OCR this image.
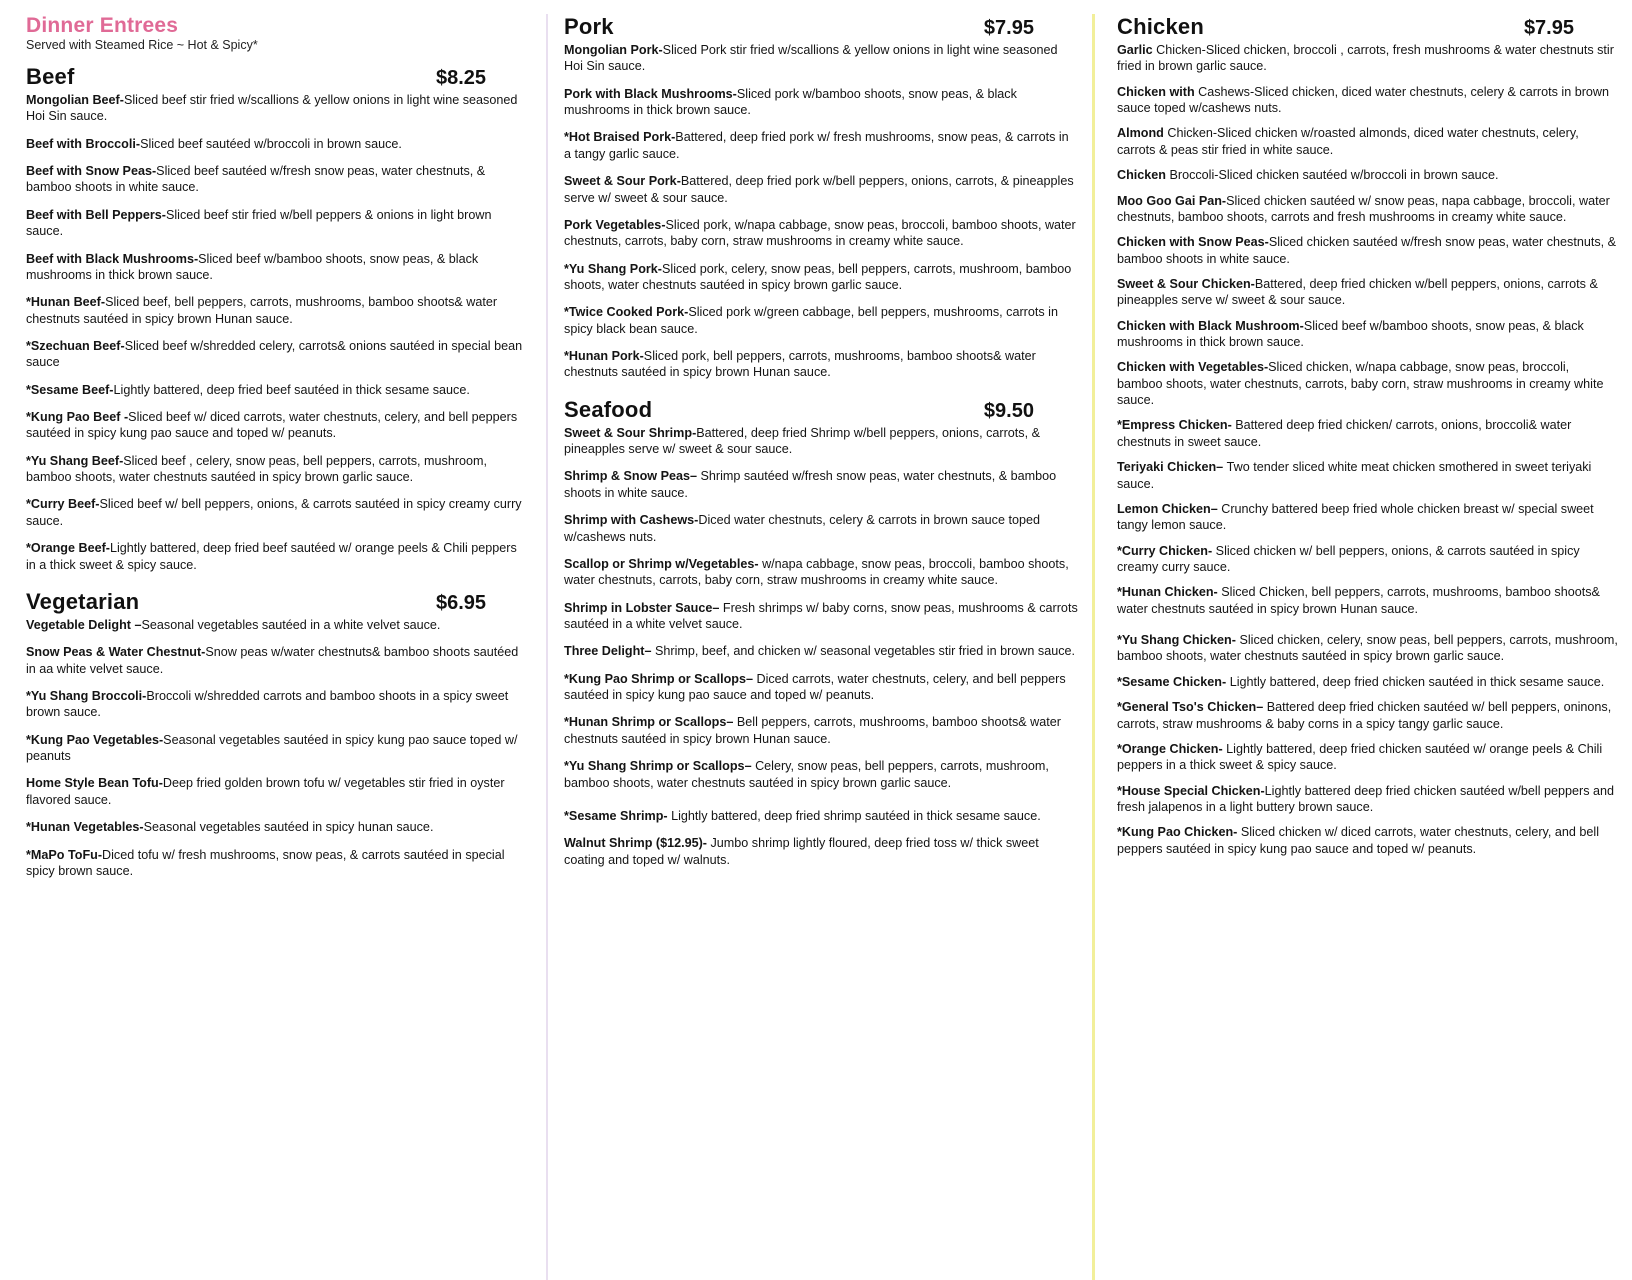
Dinner Entrees
Served with Steamed Rice ~ Hot & Spicy*
Beef	$8.25

Mongolian Beef-Sliced beef stir fried w/scallions & yellow onions in light wine seasoned Hoi Sin sauce.

Beef with Broccoli-Sliced beef sautéed w/broccoli in brown sauce.

Beef with Snow Peas-Sliced beef sautéed w/fresh snow peas, water chestnuts, & bamboo shoots in white sauce.

Beef with Bell Peppers-Sliced beef stir fried w/bell peppers & onions in light brown sauce.

Beef with Black Mushrooms-Sliced beef w/bamboo shoots, snow peas, & black mushrooms in thick brown sauce.

*Hunan Beef-Sliced beef, bell peppers, carrots, mushrooms, bamboo shoots& water chestnuts sautéed in spicy brown Hunan sauce.

*Szechuan Beef-Sliced beef w/shredded celery, carrots& onions sautéed in special bean sauce

*Sesame Beef-Lightly battered, deep fried beef sautéed in thick sesame sauce.

*Kung Pao Beef -Sliced beef w/ diced carrots, water chestnuts, celery, and bell peppers sautéed in spicy kung pao sauce and toped w/ peanuts.

*Yu Shang Beef-Sliced beef , celery, snow peas, bell peppers, carrots, mushroom, bamboo shoots, water chestnuts sautéed in spicy brown garlic sauce.

*Curry Beef-Sliced beef w/ bell peppers, onions, & carrots sautéed in spicy creamy curry sauce.

*Orange Beef-Lightly battered, deep fried beef sautéed w/ orange peels & Chili peppers in a thick sweet & spicy sauce.

Vegetarian	$6.95

Vegetable Delight –Seasonal vegetables sautéed in a white velvet sauce.

Snow Peas & Water Chestnut-Snow peas w/water chestnuts& bamboo shoots sautéed in aa white velvet sauce.

*Yu Shang Broccoli-Broccoli w/shredded carrots and bamboo shoots in a spicy sweet brown sauce.

*Kung Pao Vegetables-Seasonal vegetables sautéed in spicy kung pao sauce toped w/ peanuts

Home Style Bean Tofu-Deep fried golden brown tofu w/ vegetables stir fried in oyster flavored sauce.

*Hunan Vegetables-Seasonal vegetables sautéed in spicy hunan sauce.

*MaPo ToFu-Diced tofu w/ fresh mushrooms, snow peas, & carrots sautéed in special spicy brown sauce.

Pork	$7.95

Mongolian Pork-Sliced Pork stir fried w/scallions & yellow onions in light wine seasoned Hoi Sin sauce.

Pork with Black Mushrooms-Sliced pork w/bamboo shoots, snow peas, & black mushrooms in thick brown sauce.

*Hot Braised Pork-Battered, deep fried pork w/ fresh mushrooms, snow peas, & carrots in a tangy garlic sauce.

Sweet & Sour Pork-Battered, deep fried pork w/bell peppers, onions, carrots, & pineapples serve w/ sweet & sour sauce.

Pork Vegetables-Sliced pork, w/napa cabbage, snow peas, broccoli, bamboo shoots, water chestnuts, carrots, baby corn, straw mushrooms in creamy white sauce.

*Yu Shang Pork-Sliced pork, celery, snow peas, bell peppers, carrots, mushroom, bamboo shoots, water chestnuts sautéed in spicy brown garlic sauce.

*Twice Cooked Pork-Sliced pork w/green cabbage, bell peppers, mushrooms, carrots in spicy black bean sauce.

*Hunan Pork-Sliced pork, bell peppers, carrots, mushrooms, bamboo shoots& water chestnuts sautéed in spicy brown Hunan sauce.

Seafood	$9.50

Sweet & Sour Shrimp-Battered, deep fried Shrimp w/bell peppers, onions, carrots, & pineapples serve w/ sweet & sour sauce.

Shrimp & Snow Peas– Shrimp sautéed w/fresh snow peas, water chestnuts, & bamboo shoots in white sauce.

Shrimp with Cashews-Diced water chestnuts, celery & carrots in brown sauce toped w/cashews nuts.

Scallop or Shrimp w/Vegetables- w/napa cabbage, snow peas, broccoli, bamboo shoots, water chestnuts, carrots, baby corn, straw mushrooms in creamy white sauce.

Shrimp in Lobster Sauce– Fresh shrimps w/ baby corns, snow peas, mushrooms & carrots sautéed in a white velvet sauce.

Three Delight– Shrimp, beef, and chicken w/ seasonal vegetables stir fried in brown sauce.

*Kung Pao Shrimp or Scallops– Diced carrots, water chestnuts, celery, and bell peppers sautéed in spicy kung pao sauce and toped w/ peanuts.

*Hunan Shrimp or Scallops– Bell peppers, carrots, mushrooms, bamboo shoots& water chestnuts sautéed in spicy brown Hunan sauce.

*Yu Shang Shrimp or Scallops– Celery, snow peas, bell peppers, carrots, mushroom, bamboo shoots, water chestnuts sautéed in spicy brown garlic sauce.

*Sesame Shrimp- Lightly battered, deep fried shrimp sautéed in thick sesame sauce.

Walnut Shrimp ($12.95)- Jumbo shrimp lightly floured, deep fried toss w/ thick sweet coating and toped w/ walnuts.

Chicken	$7.95

Garlic Chicken-Sliced chicken, broccoli , carrots, fresh mushrooms & water chestnuts stir fried in brown garlic sauce.

Chicken with Cashews-Sliced chicken, diced water chestnuts, celery & carrots in brown sauce toped w/cashews nuts.

Almond Chicken-Sliced chicken w/roasted almonds, diced water chestnuts, celery, carrots & peas stir fried in white sauce.

Chicken Broccoli-Sliced chicken sautéed w/broccoli in brown sauce.

Moo Goo Gai Pan-Sliced chicken sautéed w/ snow peas, napa cabbage, broccoli, water chestnuts, bamboo shoots, carrots and fresh mushrooms in creamy white sauce.

Chicken with Snow Peas-Sliced chicken sautéed w/fresh snow peas, water chestnuts, & bamboo shoots in white sauce.

Sweet & Sour Chicken-Battered, deep fried chicken w/bell peppers, onions, carrots & pineapples serve w/ sweet & sour sauce.

Chicken with Black Mushroom-Sliced beef w/bamboo shoots, snow peas, & black mushrooms in thick brown sauce.

Chicken with Vegetables-Sliced chicken, w/napa cabbage, snow peas, broccoli, bamboo shoots, water chestnuts, carrots, baby corn, straw mushrooms in creamy white sauce.

*Empress Chicken- Battered deep fried chicken/ carrots, onions, broccoli& water chestnuts in sweet sauce.

Teriyaki Chicken– Two tender sliced white meat chicken smothered in sweet teriyaki sauce.

Lemon Chicken– Crunchy battered beep fried whole chicken breast w/ special sweet tangy lemon sauce.

*Curry Chicken- Sliced chicken w/ bell peppers, onions, & carrots sautéed in spicy creamy curry sauce.

*Hunan Chicken- Sliced Chicken, bell peppers, carrots, mushrooms, bamboo shoots& water chestnuts sautéed in spicy brown Hunan sauce.

*Yu Shang Chicken- Sliced chicken, celery, snow peas, bell peppers, carrots, mushroom, bamboo shoots, water chestnuts sautéed in spicy brown garlic sauce.

*Sesame Chicken- Lightly battered, deep fried chicken sautéed in thick sesame sauce.

*General Tso's Chicken– Battered deep fried chicken sautéed w/ bell peppers, oninons, carrots, straw mushrooms & baby corns in a spicy tangy garlic sauce.

*Orange Chicken- Lightly battered, deep fried chicken sautéed w/ orange peels & Chili peppers in a thick sweet & spicy sauce.

*House Special Chicken-Lightly battered deep fried chicken sautéed w/bell peppers and fresh jalapenos in a light buttery brown sauce.

*Kung Pao Chicken- Sliced chicken w/ diced carrots, water chestnuts, celery, and bell peppers sautéed in spicy kung pao sauce and toped w/ peanuts.
